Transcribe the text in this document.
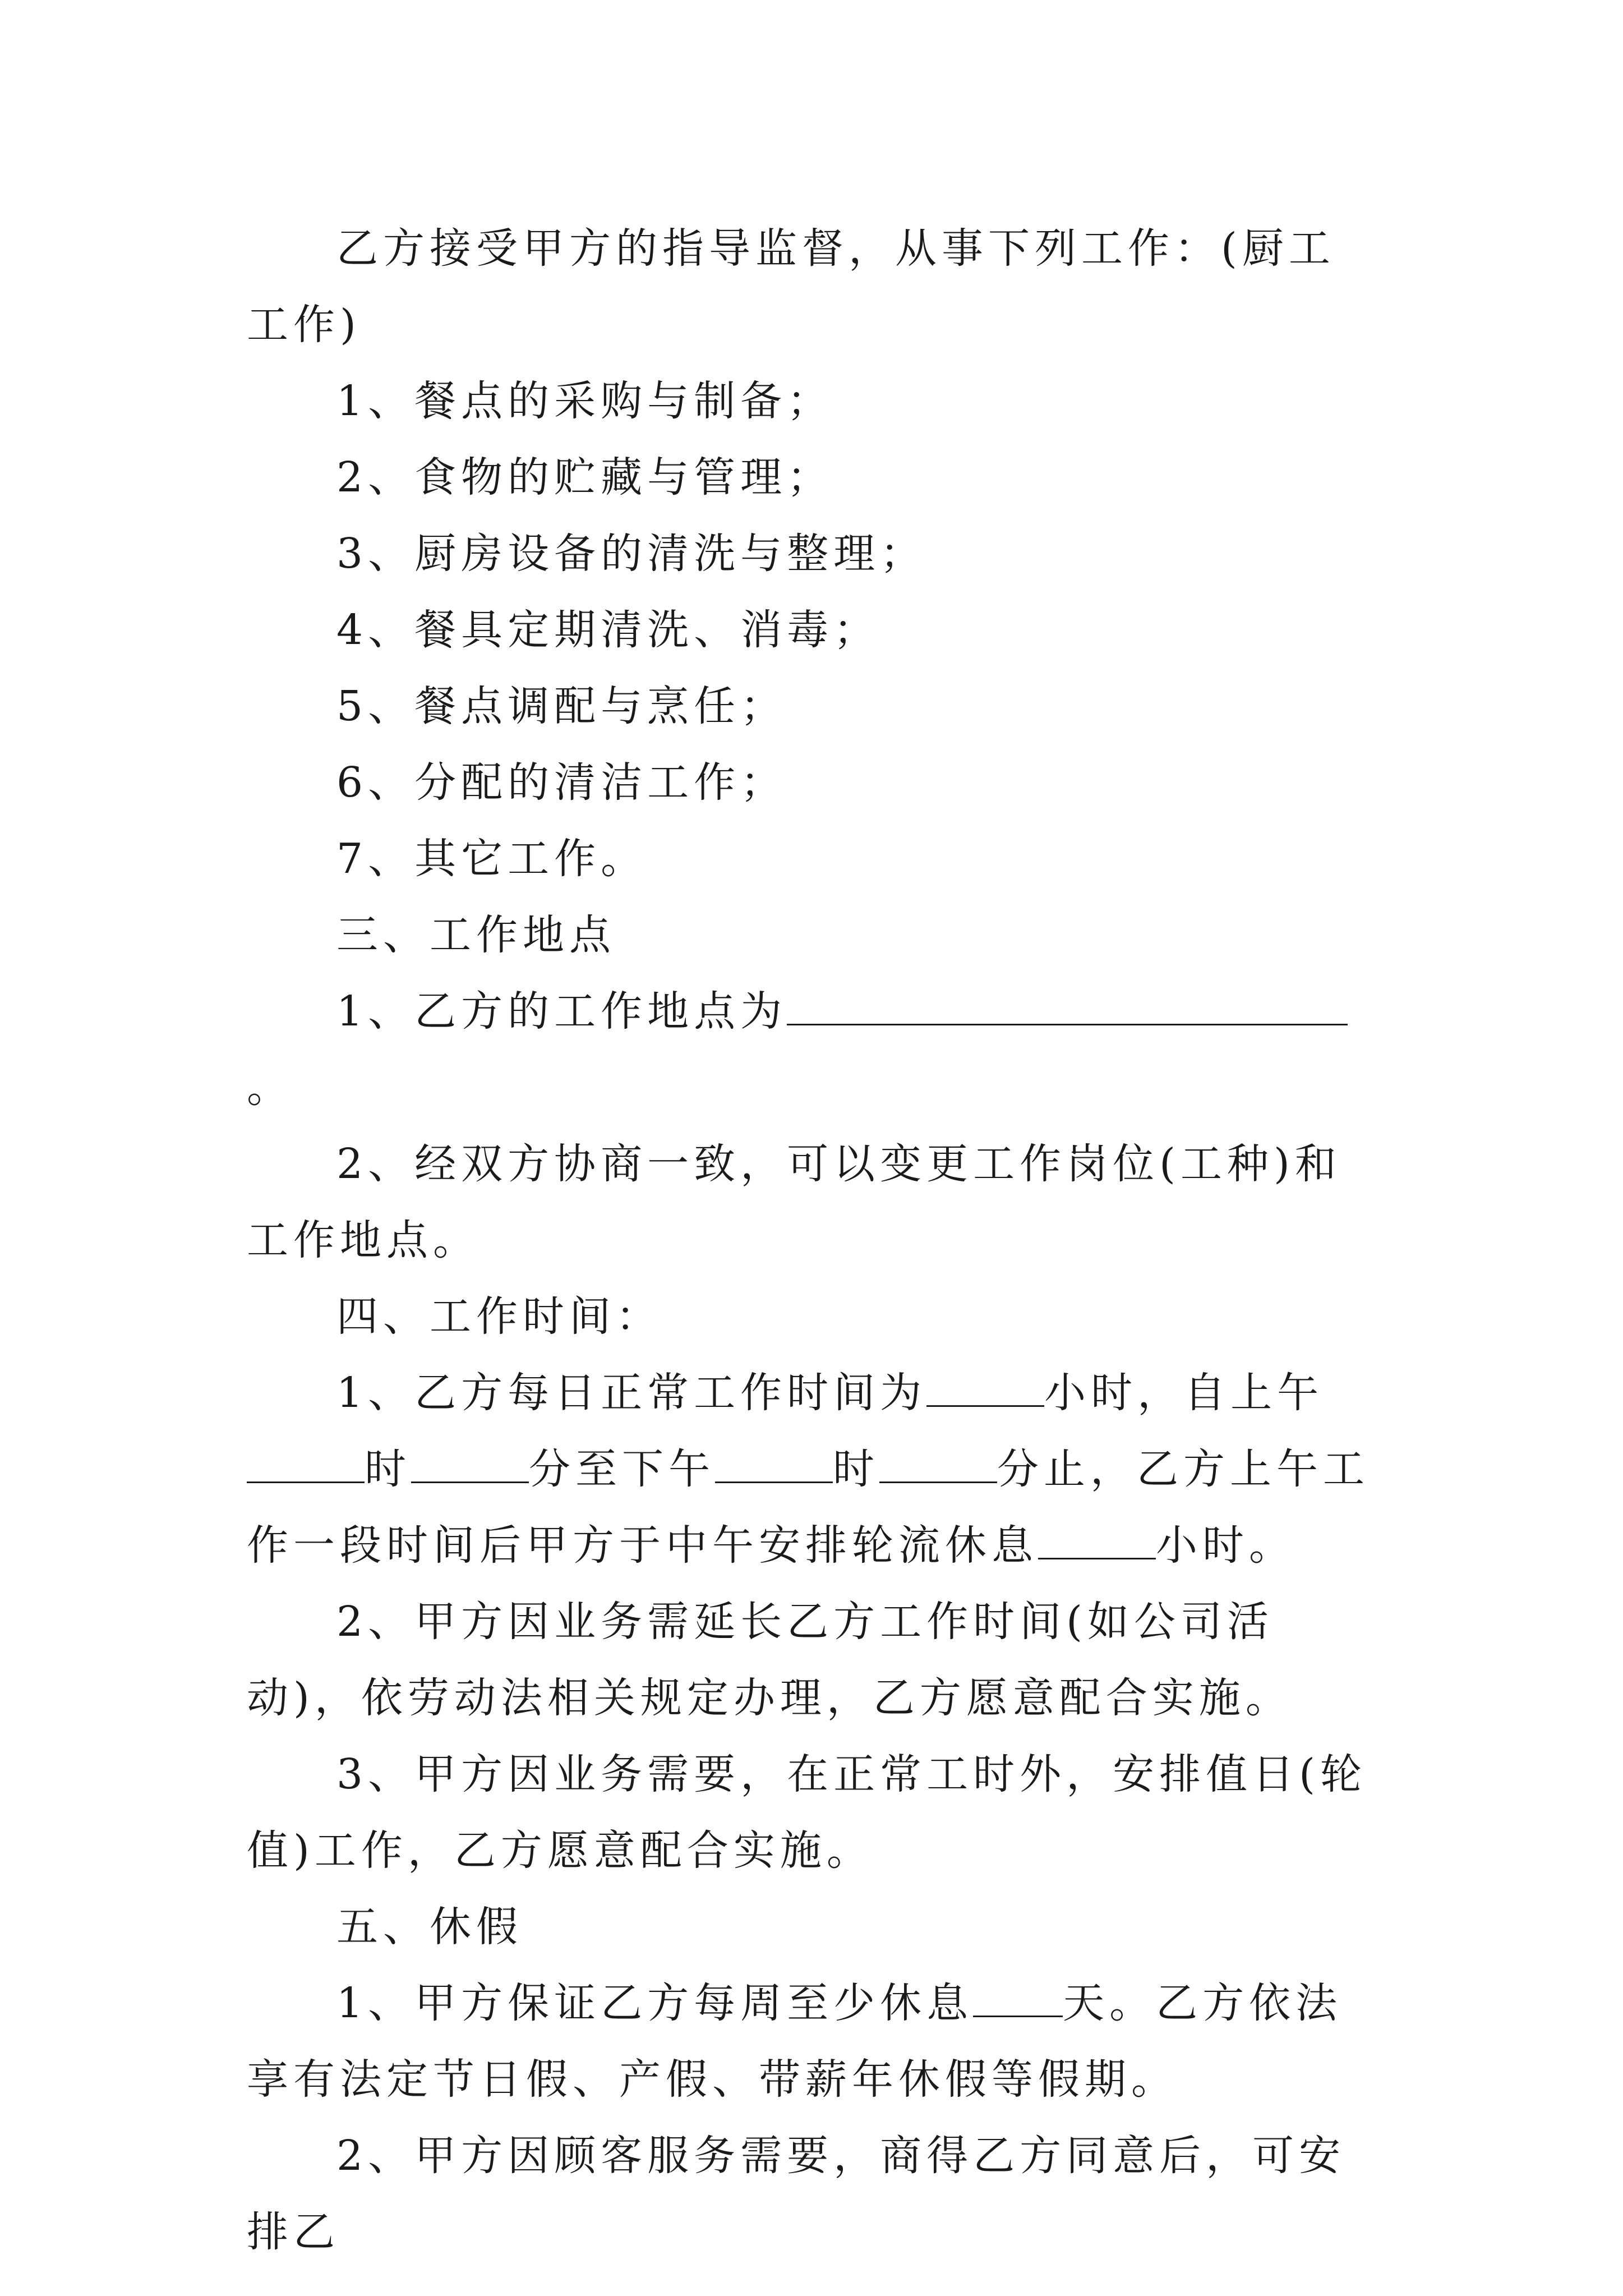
乙方接受甲方的指导监督，从事下列工作：(厨工工作)

1、餐点的采购与制备；

2、食物的贮藏与管理；

3、厨房设备的清洗与整理；

4、餐具定期清洗、消毒；

5、餐点调配与烹任；

6、分配的清洁工作；

7、其它工作。

三、工作地点

1、乙方的工作地点为。

2、经双方协商一致，可以变更工作岗位(工种)和工作地点。

四、工作时间：

1、乙方每日正常工作时间为	小时，自上午时	分至下午	时	分止，乙方上午工作一段时间后甲方于中午安排轮流休息	小时。

2、甲方因业务需延长乙方工作时间(如公司活动)，依劳动法相关规定办理，乙方愿意配合实施。

3、甲方因业务需要，在正常工时外，安排值日(轮值)工作，乙方愿意配合实施。

五、休假

1、甲方保证乙方每周至少休息 天。乙方依法享有法定节日假、产假、带薪年休假等假期。

2、甲方因顾客服务需要，商得乙方同意后，可安排乙
